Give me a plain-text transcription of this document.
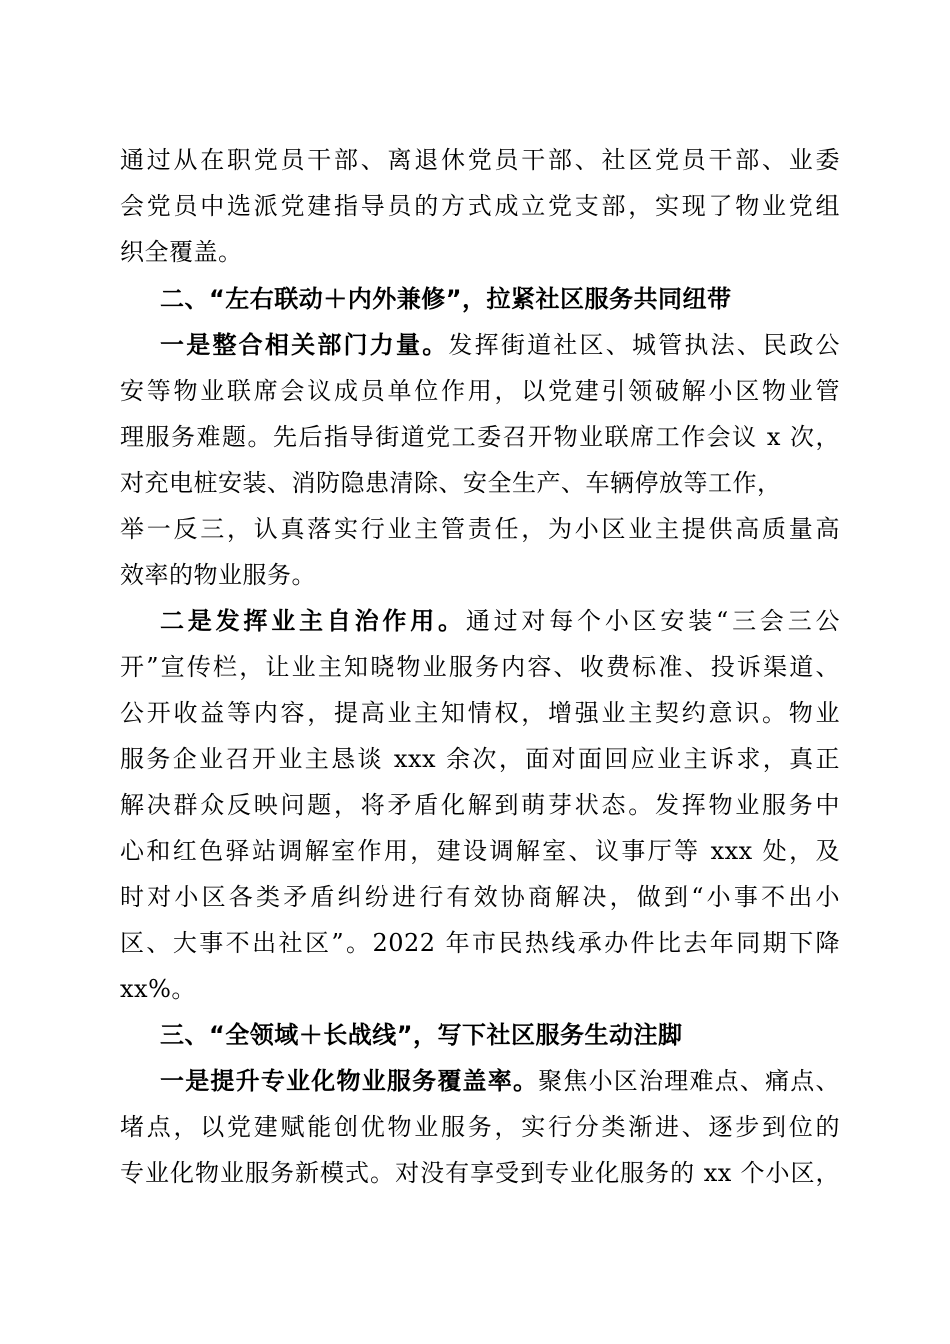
通过从在职党员干部、离退休党员干部、社区党员干部、业委
会党员中选派党建指导员的方式成立党支部，实现了物业党组
织全覆盖。
二、“左右联动＋内外兼修”，拉紧社区服务共同纽带
一是整合相关部门力量。发挥街道社区、城管执法、民政公
安等物业联席会议成员单位作用，以党建引领破解小区物业管
理服务难题。先后指导街道党工委召开物业联席工作会议 x 次，
对充电桩安装、消防隐患清除、安全生产、车辆停放等工作，
举一反三，认真落实行业主管责任，为小区业主提供高质量高
效率的物业服务。
二是发挥业主自治作用。通过对每个小区安装“三会三公
开”宣传栏，让业主知晓物业服务内容、收费标准、投诉渠道、
公开收益等内容，提高业主知情权，增强业主契约意识。物业
服务企业召开业主恳谈 xxx 余次，面对面回应业主诉求，真正
解决群众反映问题，将矛盾化解到萌芽状态。发挥物业服务中
心和红色驿站调解室作用，建设调解室、议事厅等 xxx 处，及
时对小区各类矛盾纠纷进行有效协商解决，做到“小事不出小
区、大事不出社区”。2022 年市民热线承办件比去年同期下降
xx%。
三、“全领域＋长战线”，写下社区服务生动注脚
一是提升专业化物业服务覆盖率。聚焦小区治理难点、痛点、
堵点，以党建赋能创优物业服务，实行分类渐进、逐步到位的
专业化物业服务新模式。对没有享受到专业化服务的 xx 个小区，
